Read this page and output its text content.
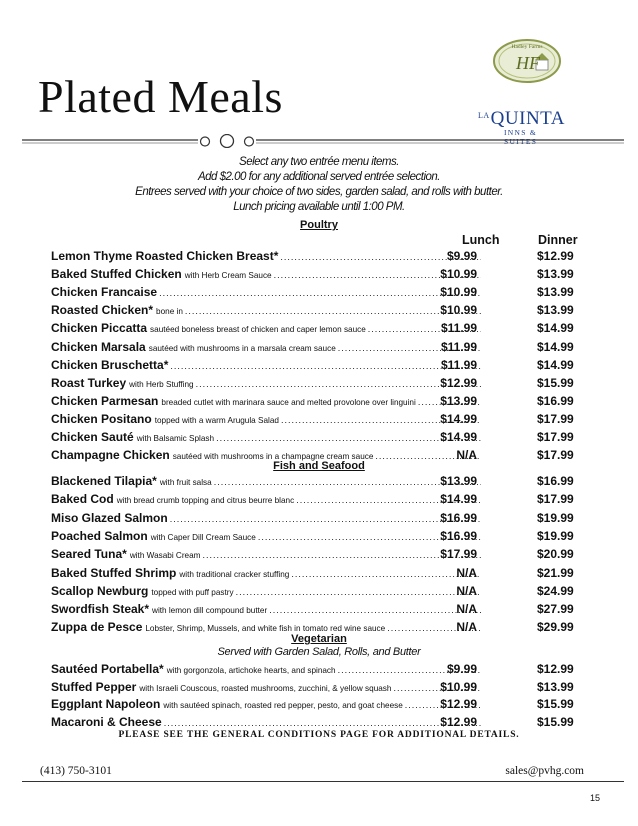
Plated Meals
HF
Hadley Farms
$^{LA}$QUINTA
INNS & SUITES
Select any two entrée menu items.
Add $2.00 for any additional served entrée selection.
Entrees served with your choice of two sides, garden salad, and rolls with butter.
Lunch pricing available until 1:00 PM.
Poultry
Lunch	Dinner
Lemon Thyme Roasted Chicken Breast* .....	$9.99	$12.99
Baked Stuffed Chicken with Herb Cream Sauce .....	$10.99	$13.99
Chicken Francaise .....	$10.99	$13.99
Roasted Chicken* bone in .....	$10.99	$13.99
Chicken Piccatta sautéed boneless breast of chicken and caper lemon sauce .....	$11.99	$14.99
Chicken Marsala sautéed with mushrooms in a marsala cream sauce .....	$11.99	$14.99
Chicken Bruschetta* .....	$11.99	$14.99
Roast Turkey with Herb Stuffing .....	$12.99	$15.99
Chicken Parmesan breaded cutlet with marinara sauce and melted provolone over linguini ..... $13.99	$16.99
Chicken Positano topped with a warm Arugula Salad .....	$14.99	$17.99
Chicken Sauté with Balsamic Splash .....	$14.99	$17.99
Champagne Chicken sautéed with mushrooms in a champagne cream sauce .....	N/A	$17.99
Fish and Seafood
Blackened Tilapia* with fruit salsa .....	$13.99	$16.99
Baked Cod with bread crumb topping and citrus beurre blanc .....	$14.99	$17.99
Miso Glazed Salmon .....	$16.99	$19.99
Poached Salmon with Caper Dill Cream Sauce .....	$16.99	$19.99
Seared Tuna* with Wasabi Cream .....	$17.99	$20.99
Baked Stuffed Shrimp with traditional cracker stuffing .....	N/A	$21.99
Scallop Newburg topped with puff pastry .....	N/A	$24.99
Swordfish Steak* with lemon dill compound butter .....	N/A	$27.99
Zuppa de Pesce Lobster, Shrimp, Mussels, and white fish in tomato red wine sauce .....	N/A	$29.99
Vegetarian
Served with Garden Salad, Rolls, and Butter
Sautéed Portabella* with gorgonzola, artichoke hearts, and spinach .....	$9.99	$12.99
Stuffed Pepper with Israeli Couscous, roasted mushrooms, zucchini, & yellow squash .....	$10.99	$13.99
Eggplant Napoleon with sautéed spinach, roasted red pepper, pesto, and goat cheese .....	$12.99	$15.99
Macaroni & Cheese .....	$12.99	$15.99
PLEASE SEE THE GENERAL CONDITIONS PAGE FOR ADDITIONAL DETAILS.
(413) 750-3101	sales@pvhg.com
15
